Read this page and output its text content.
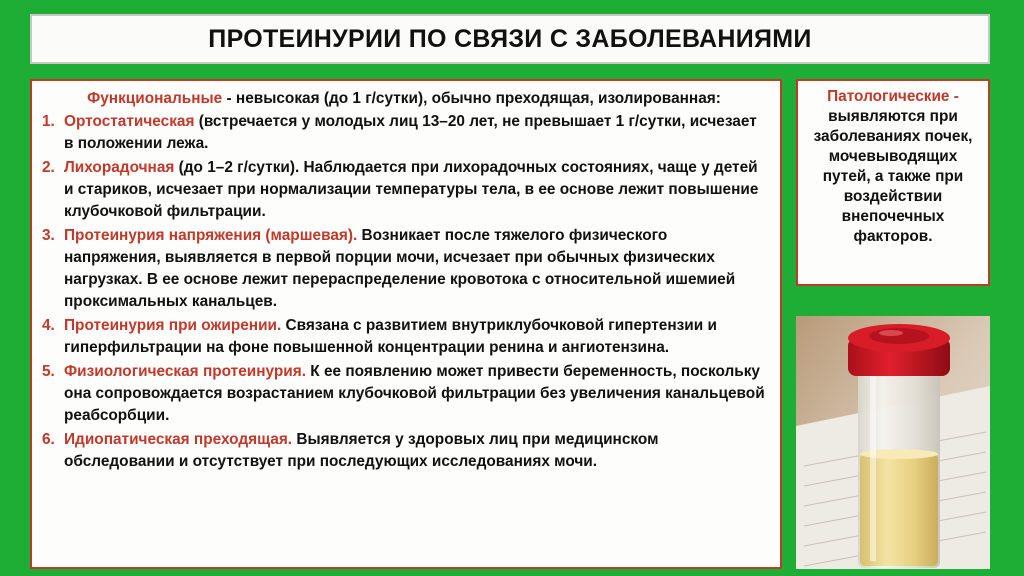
ПРОТЕИНУРИИ ПО СВЯЗИ С ЗАБОЛЕВАНИЯМИ
Функциональные - невысокая (до 1 г/сутки), обычно преходящая, изолированная:
1. Ортостатическая (встречается у молодых лиц 13–20 лет, не превышает 1 г/сутки, исчезает в положении лежа.
2. Лихорадочная (до 1–2 г/сутки). Наблюдается при лихорадочных состояниях, чаще у детей и стариков, исчезает при нормализации температуры тела, в ее основе лежит повышение клубочковой фильтрации.
3. Протеинурия напряжения (маршевая). Возникает после тяжелого физического напряжения, выявляется в первой порции мочи, исчезает при обычных физических нагрузках. В ее основе лежит перераспределение кровотока с относительной ишемией проксимальных канальцев.
4. Протеинурия при ожирении. Связана с развитием внутриклубочковой гипертензии и гиперфильтрации на фоне повышенной концентрации ренина и ангиотензина.
5. Физиологическая протеинурия. К ее появлению может привести беременность, поскольку она сопровождается возрастанием клубочковой фильтрации без увеличения канальцевой реабсорбции.
6. Идиопатическая преходящая. Выявляется у здоровых лиц при медицинском обследовании и отсутствует при последующих исследованиях мочи.
Патологические - выявляются при заболеваниях почек, мочевыводящих путей, а также при воздействии внепочечных факторов.
